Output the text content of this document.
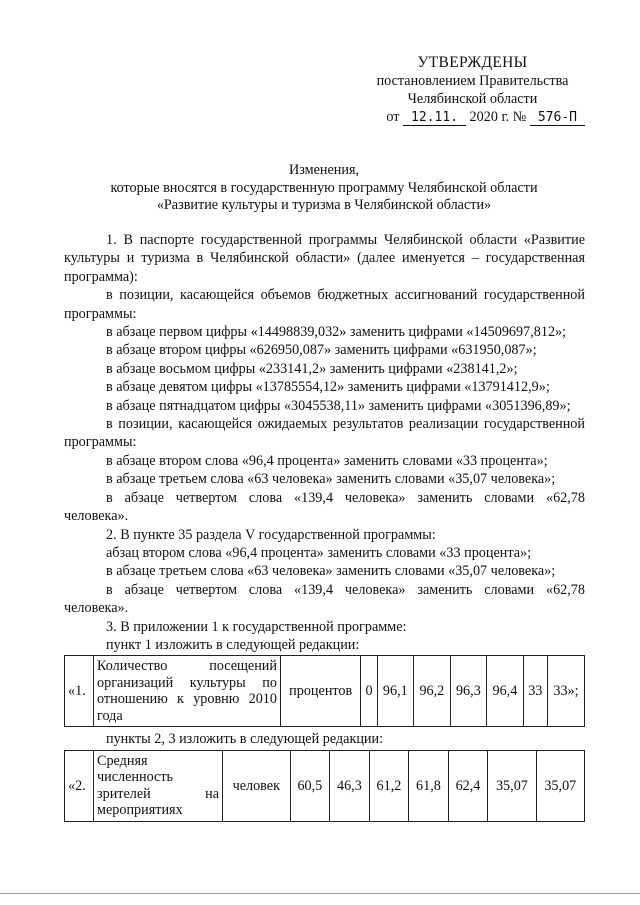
УТВЕРЖДЕНЫ
постановлением Правительства
Челябинской области
от 12.11. 2020 г. № 576-П
Изменения,
которые вносятся в государственную программу Челябинской области
«Развитие культуры и туризма в Челябинской области»

1. В паспорте государственной программы Челябинской области «Развитие культуры и туризма в Челябинской области» (далее именуется – государственная программа):

в позиции, касающейся объемов бюджетных ассигнований государственной программы:

в абзаце первом цифры «14498839,032» заменить цифрами «14509697,812»;

в абзаце втором цифры «626950,087» заменить цифрами «631950,087»;

в абзаце восьмом цифры «233141,2» заменить цифрами «238141,2»;

в абзаце девятом цифры «13785554,12» заменить цифрами «13791412,9»;

в абзаце пятнадцатом цифры «3045538,11» заменить цифрами «3051396,89»;

в позиции, касающейся ожидаемых результатов реализации государственной программы:

в абзаце втором слова «96,4 процента» заменить словами «33 процента»;

в абзаце третьем слова «63 человека» заменить словами «35,07 человека»;

в абзаце четвертом слова «139,4 человека» заменить словами «62,78 человека».

2. В пункте 35 раздела V государственной программы:

абзац втором слова «96,4 процента» заменить словами «33 процента»;

в абзаце третьем слова «63 человека» заменить словами «35,07 человека»;

в абзаце четвертом слова «139,4 человека» заменить словами «62,78 человека».

3. В приложении 1 к государственной программе:

пункт 1 изложить в следующей редакции:

«1.	Количество посещений организаций культуры по отношению к уровню 2010 года	процентов	0	96,1	96,2	96,3	96,4	33	33»;

пункты 2, 3 изложить в следующей редакции:

«2.	Средняя численность зрителей на мероприятиях	человек	60,5	46,3	61,2	61,8	62,4	35,07	35,07
